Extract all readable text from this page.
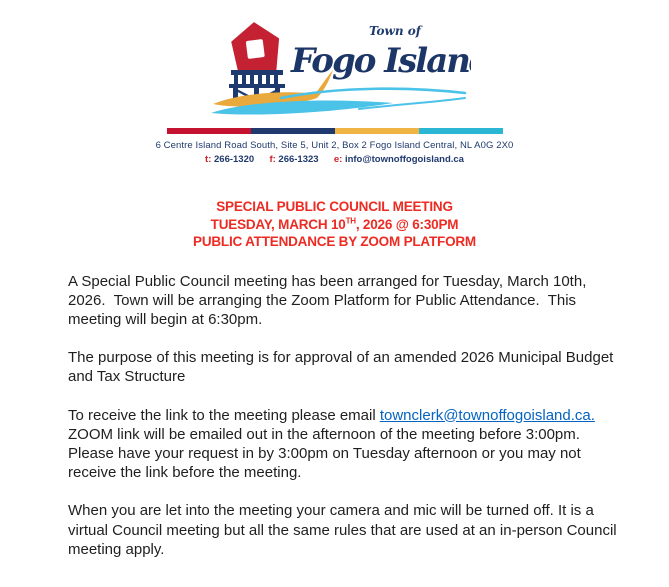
Town of
Fogo Island
6 Centre Island Road South, Site 5, Unit 2, Box 2 Fogo Island Central, NL A0G 2X0
t: 266-1320 f: 266-1323 e: info@townoffogoisland.ca
SPECIAL PUBLIC COUNCIL MEETING
TUESDAY, MARCH 10TH, 2026 @ 6:30PM
PUBLIC ATTENDANCE BY ZOOM PLATFORM

A Special Public Council meeting has been arranged for Tuesday, March 10th, 2026.  Town will be arranging the Zoom Platform for Public Attendance.  This meeting will begin at 6:30pm.

The purpose of this meeting is for approval of an amended 2026 Municipal Budget and Tax Structure

To receive the link to the meeting please email townclerk@townoffogoisland.ca. ZOOM link will be emailed out in the afternoon of the meeting before 3:00pm. Please have your request in by 3:00pm on Tuesday afternoon or you may not receive the link before the meeting.

When you are let into the meeting your camera and mic will be turned off. It is a virtual Council meeting but all the same rules that are used at an in-person Council meeting apply.
